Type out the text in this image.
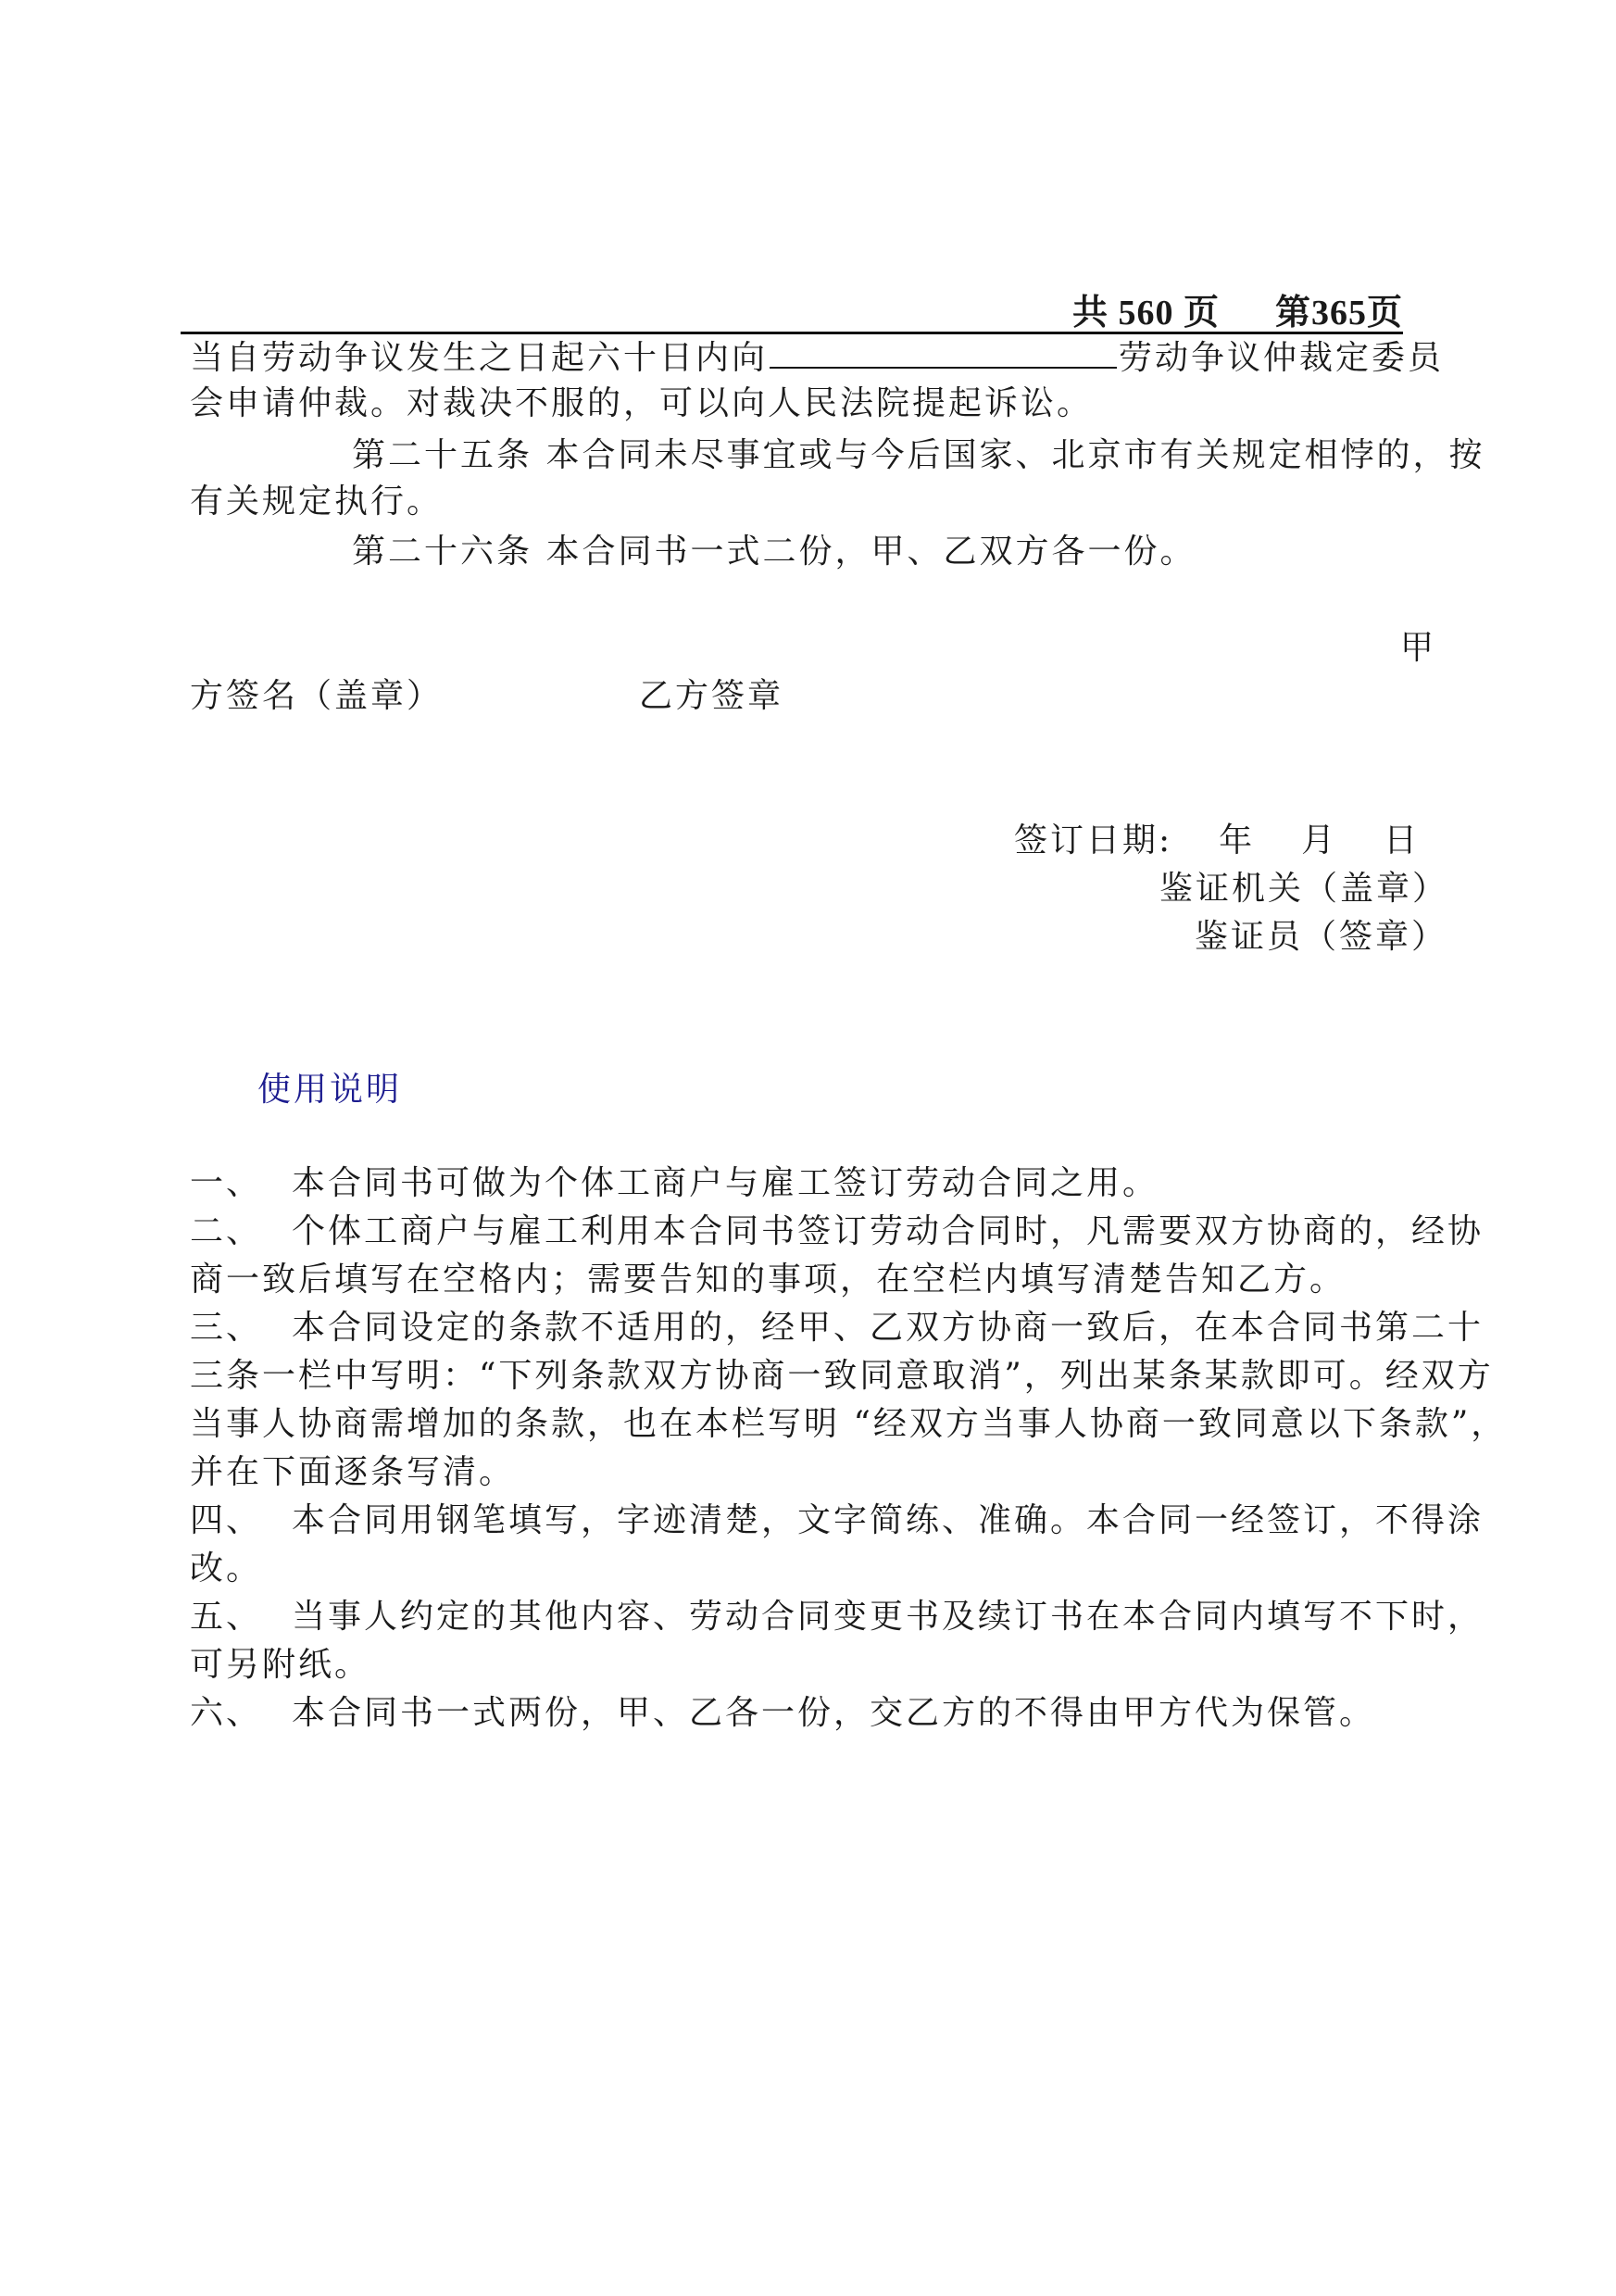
共 560 页 第365页
当自劳动争议发生之日起六十日内向	劳动争议仲裁定委员
会申请仲裁。对裁决不服的，可以向人民法院提起诉讼。
第二十五条 本合同未尽事宜或与今后国家、北京市有关规定相悖的，按
有关规定执行。
第二十六条 本合同书一式二份，甲、乙双方各一份。
甲
方签名（盖章）	乙方签章
签订日期: 年 月 日
鉴证机关（盖章）
鉴证员（签章）
使用说明
一、 本合同书可做为个体工商户与雇工签订劳动合同之用。
二、 个体工商户与雇工利用本合同书签订劳动合同时，凡需要双方协商的，经协
商一致后填写在空格内；需要告知的事项，在空栏内填写清楚告知乙方。
三、 本合同设定的条款不适用的，经甲、乙双方协商一致后，在本合同书第二十
三条一栏中写明：“下列条款双方协商一致同意取消”，列出某条某款即可。经双方
当事人协商需增加的条款，也在本栏写明 “经双方当事人协商一致同意以下条款”，
并在下面逐条写清。
四、 本合同用钢笔填写，字迹清楚，文字简练、准确。本合同一经签订，不得涂
改。
五、 当事人约定的其他内容、劳动合同变更书及续订书在本合同内填写不下时，
可另附纸。
六、 本合同书一式两份，甲、乙各一份，交乙方的不得由甲方代为保管。
